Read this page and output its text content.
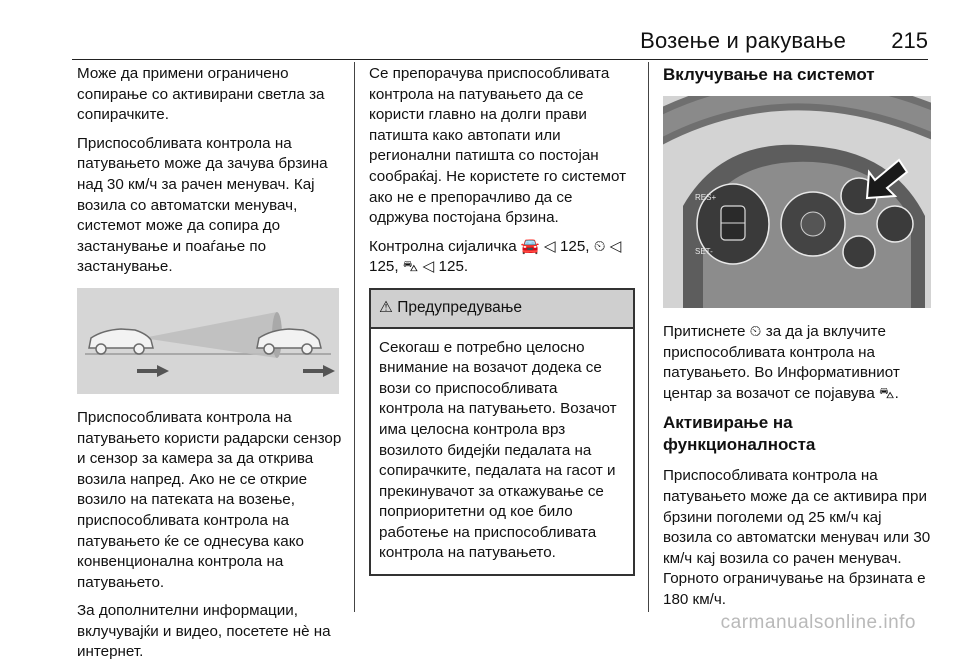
Возење и ракување 215

Може да примени ограничено сопирање со активирани светла за сопирачките.

Приспособливата контрола на патувањето може да зачува брзина над 30 км/ч за рачен менувач. Кај возила со автоматски менувач, системот може да сопира до застанување и поаѓање по застанување.

Приспособливата контрола на патувањето користи радарски сензор и сензор за камера за да открива возила напред. Ако не се открие возило на патеката на возење, приспособливата контрола на патувањето ќе се однесува како конвенционална контрола на патувањето.

За дополнителни информации, вклучувајќи и видео, посетете нè на интернет.

Се препорачува приспособливата контрола на патувањето да се користи главно на долги прави патишта како автопати или регионални патишта со постојан сообраќај. Не користете го системот ако не е препорачливо да се одржува постојана брзина.

Контролна сијаличка 🚘 ◁ 125, ⏲ ◁ 125, ⛍ ◁ 125.

⚠ Предупредување

Секогаш е потребно целосно внимание на возачот додека се вози со приспособливата контрола на патувањето. Возачот има целосна контрола врз возилото бидејќи педалата на сопирачките, педалата на гасот и прекинувачот за откажување се поприоритетни од кое било работење на приспособливата контрола на патувањето.

Вклучување на системот
RES+
SET-

Притиснете ⏲ за да ја вклучите приспособливата контрола на патувањето. Во Информативниот центар за возачот се појавува ⛍.

Активирање на функционалноста

Приспособливата контрола на патувањето може да се активира при брзини поголеми од 25 км/ч кај возила со автоматски менувач или 30 км/ч кај возила со рачен менувач. Горното ограничување на брзината е 180 км/ч.

carmanualsonline.info
